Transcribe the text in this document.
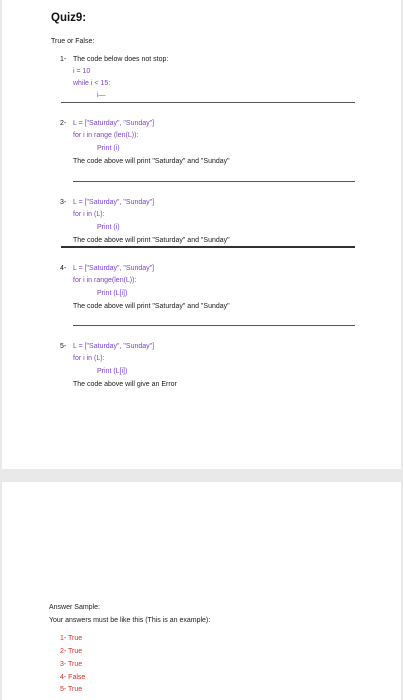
Quiz9:
True or False:
1- The code below does not stop:
i = 10
while i < 15:
i—
2- L = ["Saturday", "Sunday"]
for i in range (len(L)):
Print (i)
The code above will print "Saturday" and "Sunday"
3- L = ["Saturday", "Sunday"]
for i in (L):
Print (i)
The code above will print "Saturday" and "Sunday"
4- L = ["Saturday", "Sunday"]
for i in range(len(L)):
Print (L[i])
The code above will print "Saturday" and "Sunday"
5- L = ["Saturday", "Sunday"]
for i in (L):
Print (L[i])
The code above will give an Error
Answer Sample:
Your answers must be like this (This is an example):
1- True
2- True
3- True
4- False
5- True
